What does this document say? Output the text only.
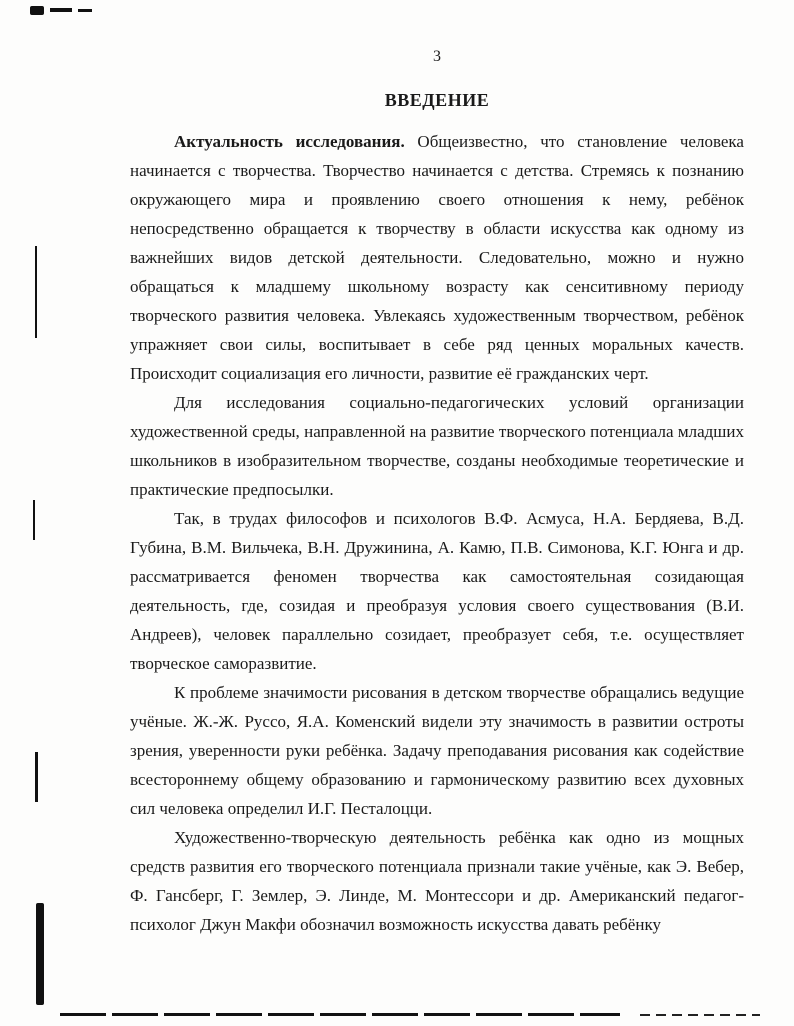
3
ВВЕДЕНИЕ

Актуальность исследования. Общеизвестно, что становление человека начинается с творчества. Творчество начинается с детства. Стремясь к познанию окружающего мира и проявлению своего отношения к нему, ребёнок непосредственно обращается к творчеству в области искусства как одному из важнейших видов детской деятельности. Следовательно, можно и нужно обращаться к младшему школьному возрасту как сенситивному периоду творческого развития человека. Увлекаясь художественным творчеством, ребёнок упражняет свои силы, воспитывает в себе ряд ценных моральных качеств. Происходит социализация его личности, развитие её гражданских черт.

Для исследования социально-педагогических условий организации художественной среды, направленной на развитие творческого потенциала младших школьников в изобразительном творчестве, созданы необходимые теоретические и практические предпосылки.

Так, в трудах философов и психологов В.Ф. Асмуса, Н.А. Бердяева, В.Д. Губина, В.М. Вильчека, В.Н. Дружинина, А. Камю, П.В. Симонова, К.Г. Юнга и др. рассматривается феномен творчества как самостоятельная созидающая деятельность, где, созидая и преобразуя условия своего существования (В.И. Андреев), человек параллельно созидает, преобразует себя, т.е. осуществляет творческое саморазвитие.

К проблеме значимости рисования в детском творчестве обращались ведущие учёные. Ж.-Ж. Руссо, Я.А. Коменский видели эту значимость в развитии остроты зрения, уверенности руки ребёнка. Задачу преподавания рисования как содействие всестороннему общему образованию и гармоническому развитию всех духовных сил человека определил И.Г. Песталоцци.

Художественно-творческую деятельность ребёнка как одно из мощных средств развития его творческого потенциала признали такие учёные, как Э. Вебер, Ф. Гансберг, Г. Землер, Э. Линде, М. Монтессори и др. Американский педагог-психолог Джун Макфи обозначил возможность искусства давать ребёнку
